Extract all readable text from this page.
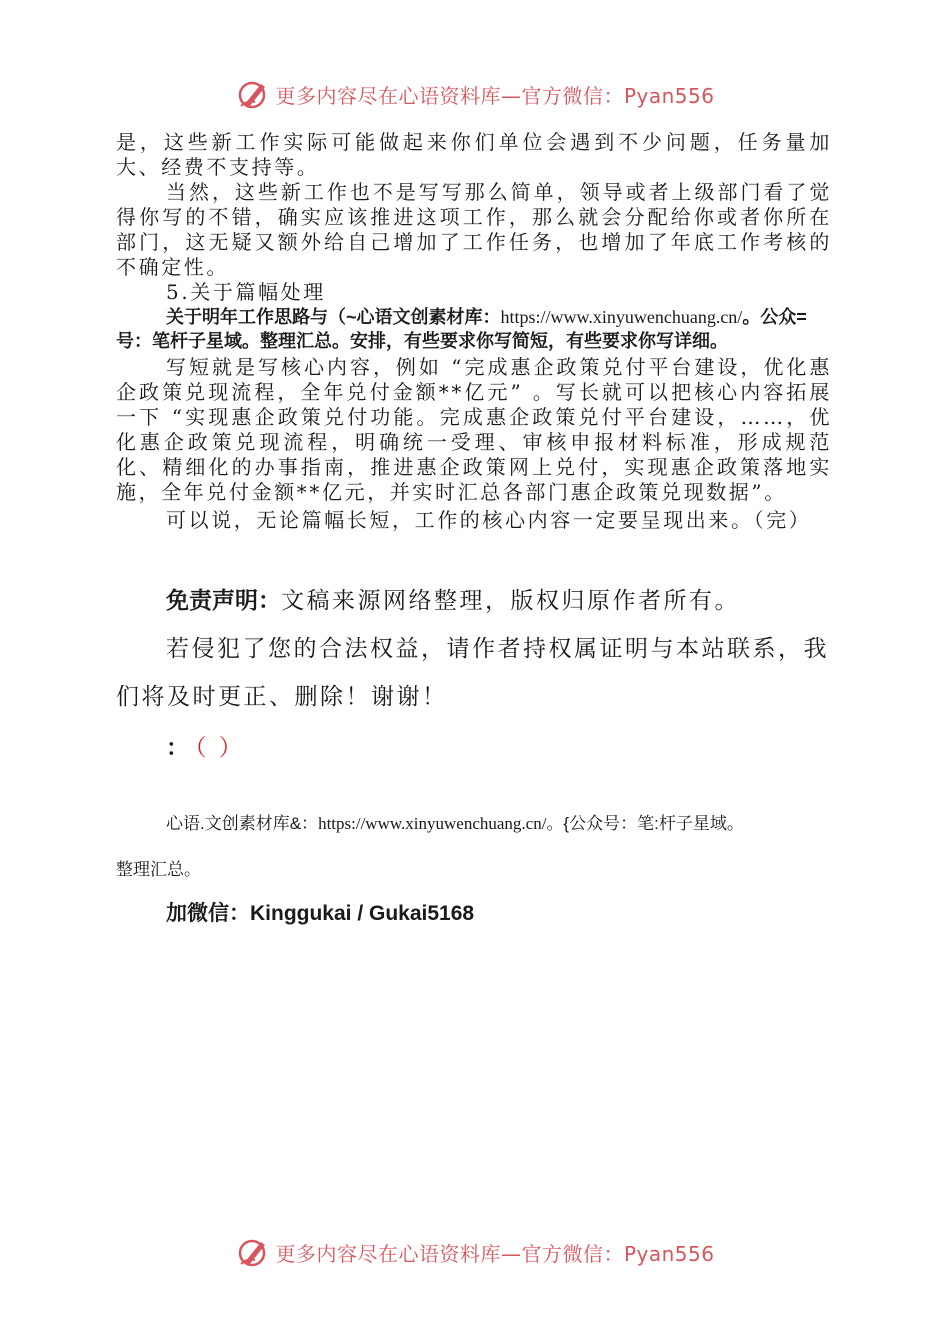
更多内容尽在心语资料库—官方微信：Pyan556

是，这些新工作实际可能做起来你们单位会遇到不少问题，任务量加大、经费不支持等。

当然，这些新工作也不是写写那么简单，领导或者上级部门看了觉得你写的不错，确实应该推进这项工作，那么就会分配给你或者你所在部门，这无疑又额外给自己增加了工作任务，也增加了年底工作考核的不确定性。

5.关于篇幅处理

关于明年工作思路与（~心语文创素材库：https://www.xinyuwenchuang.cn/。公众=号：笔杆子星域。整理汇总。安排，有些要求你写简短，有些要求你写详细。

写短就是写核心内容，例如 “完成惠企政策兑付平台建设，优化惠企政策兑现流程，全年兑付金额**亿元” 。写长就可以把核心内容拓展一下 “实现惠企政策兑付功能。完成惠企政策兑付平台建设，……，优化惠企政策兑现流程，明确统一受理、审核申报材料标准，形成规范化、精细化的办事指南，推进惠企政策网上兑付，实现惠企政策落地实施，全年兑付金额**亿元，并实时汇总各部门惠企政策兑现数据”。

可以说，无论篇幅长短，工作的核心内容一定要呈现出来。（完）

免责声明：文稿来源网络整理，版权归原作者所有。

若侵犯了您的合法权益，请作者持权属证明与本站联系，我们将及时更正、删除！谢谢！

： （ ）

心语.文创素材库&：https://www.xinyuwenchuang.cn/。{公众号：笔:杆子星域。

整理汇总。

加微信：Kinggukai / Gukai5168

更多内容尽在心语资料库—官方微信：Pyan556
